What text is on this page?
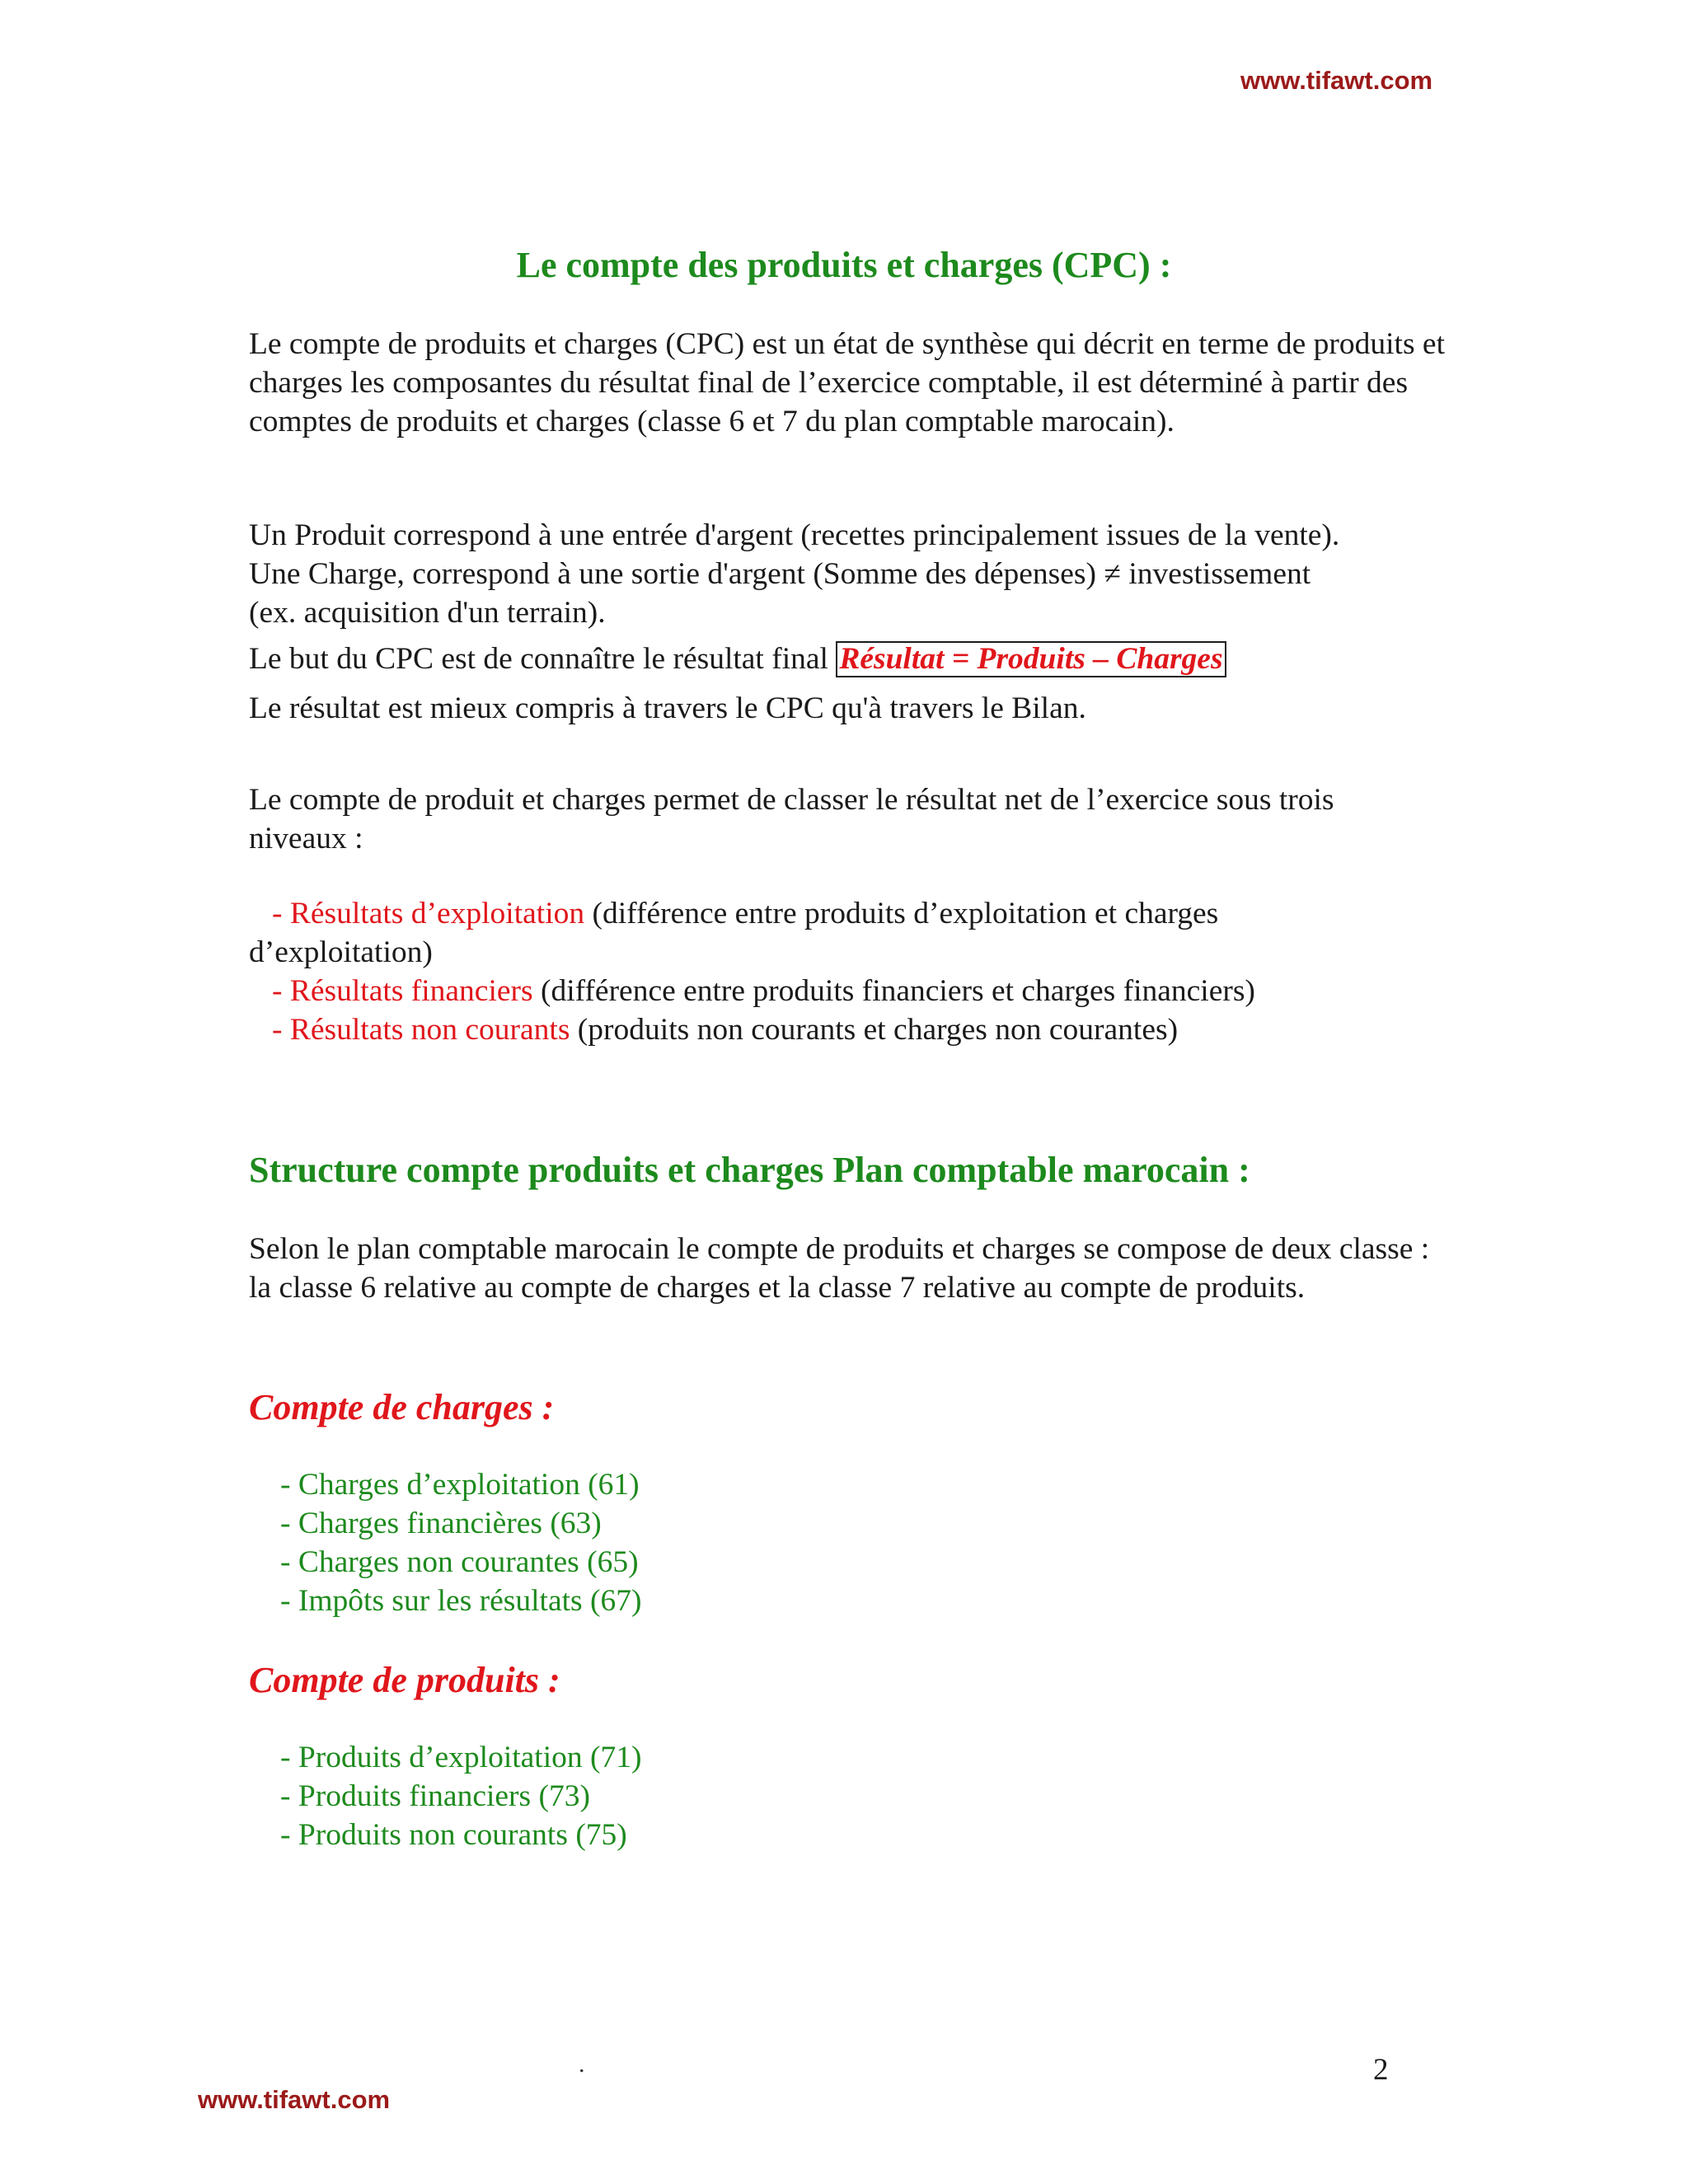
www.tifawt.com
Le compte des produits et charges (CPC) :

Le compte de produits et charges (CPC) est un état de synthèse qui décrit en terme de produits et charges les composantes du résultat final de l’exercice comptable, il est déterminé à partir des comptes de produits et charges (classe 6 et 7 du plan comptable marocain).

Un Produit correspond à une entrée d'argent (recettes principalement issues de la vente).
Une Charge, correspond à une sortie d'argent (Somme des dépenses) ≠ investissement
(ex. acquisition d'un terrain).
Le but du CPC est de connaître le résultat final Résultat = Produits – Charges
Le résultat est mieux compris à travers le CPC qu'à travers le Bilan.

Le compte de produit et charges permet de classer le résultat net de l’exercice sous trois niveaux :

- Résultats d’exploitation (différence entre produits d’exploitation et charges
d’exploitation)
- Résultats financiers (différence entre produits financiers et charges financiers)
- Résultats non courants (produits non courants et charges non courantes)
Structure compte produits et charges Plan comptable marocain :

Selon le plan comptable marocain le compte de produits et charges se compose de deux classe : la classe 6 relative au compte de charges et la classe 7 relative au compte de produits.

Compte de charges :
- Charges d’exploitation (61)
- Charges financières (63)
- Charges non courantes (65)
- Impôts sur les résultats (67)
Compte de produits :
- Produits d’exploitation (71)
- Produits financiers (73)
- Produits non courants (75)
.	2
www.tifawt.com
